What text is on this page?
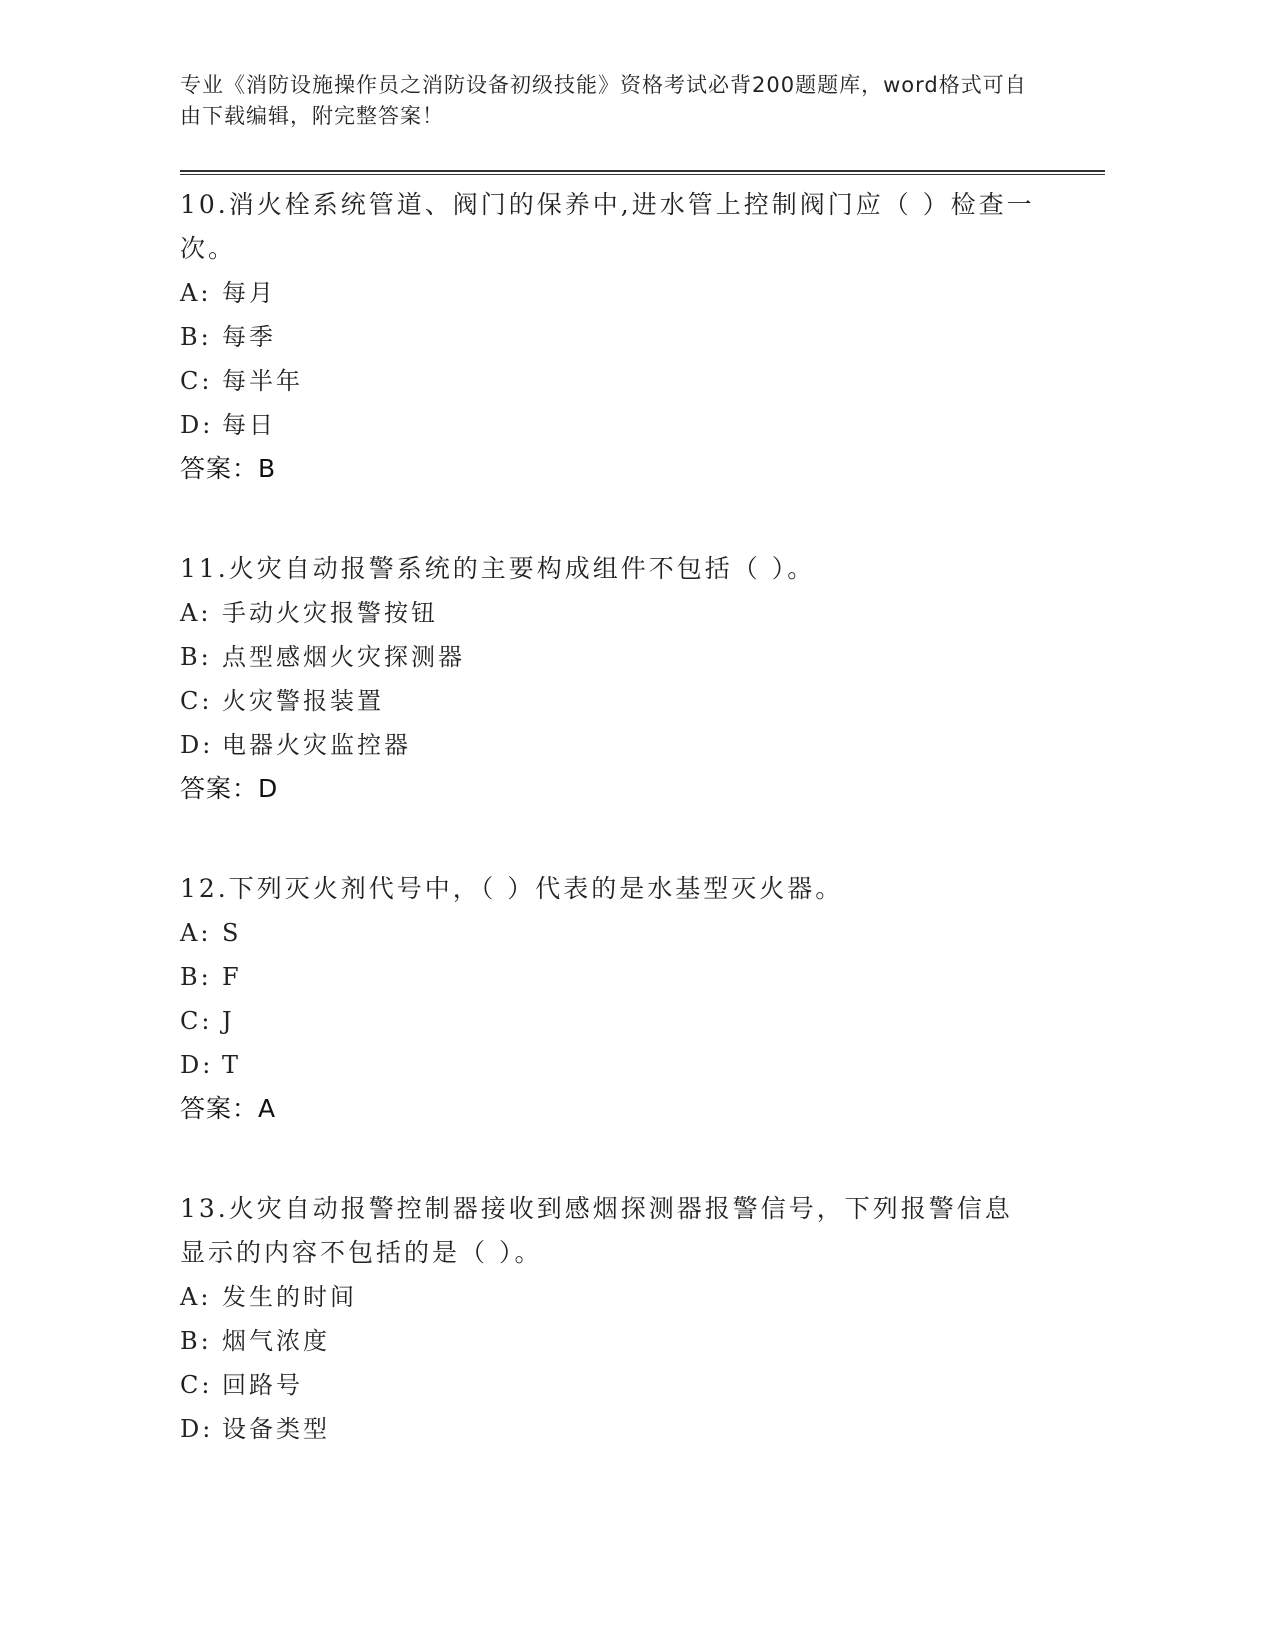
专业《消防设施操作员之消防设备初级技能》资格考试必背200题题库，word格式可自由下载编辑，附完整答案！
10.消火栓系统管道、阀门的保养中,进水管上控制阀门应（ ）检查一次。
A: 每月
B: 每季
C: 每半年
D: 每日
答案：B
11.火灾自动报警系统的主要构成组件不包括（ ）。
A: 手动火灾报警按钮
B: 点型感烟火灾探测器
C: 火灾警报装置
D: 电器火灾监控器
答案：D
12.下列灭火剂代号中，（ ）代表的是水基型灭火器。
A: S
B: F
C: J
D: T
答案：A
13.火灾自动报警控制器接收到感烟探测器报警信号，下列报警信息显示的内容不包括的是（ ）。
A: 发生的时间
B: 烟气浓度
C: 回路号
D: 设备类型
